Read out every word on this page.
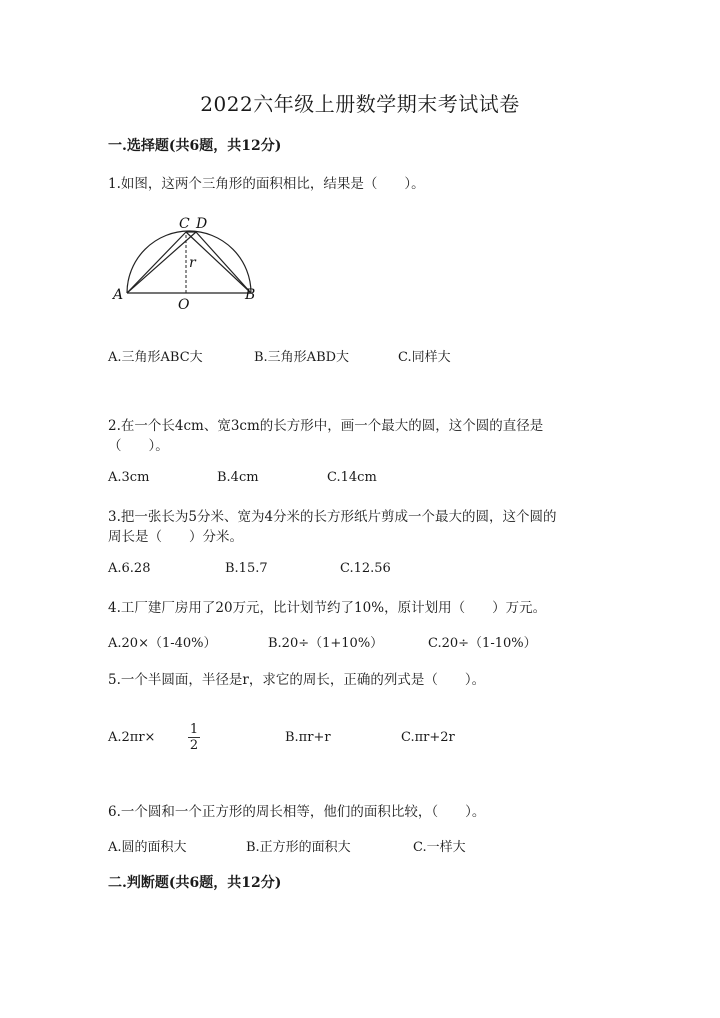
2022六年级上册数学期末考试试卷
一.选择题(共6题，共12分)
1.如图，这两个三角形的面积相比，结果是（　　）。
C D
A	B
O
r
A.三角形ABC大	B.三角形ABD大	C.同样大
2.在一个长4cm、宽3cm的长方形中，画一个最大的圆，这个圆的直径是
（　　）。
A.3cm	B.4cm	C.14cm
3.把一张长为5分米、宽为4分米的长方形纸片剪成一个最大的圆，这个圆的
周长是（　　）分米。
A.6.28	B.15.7	C.12.56
4.工厂建厂房用了20万元，比计划节约了10%，原计划用（　　）万元。
A.20×（1-40%）	B.20÷（1+10%）	C.20÷（1-10%）
5.一个半圆面，半径是r，求它的周长，正确的列式是（　　）。
A.2πr×
1
2
B.πr+r	C.πr+2r
6.一个圆和一个正方形的周长相等，他们的面积比较，（　　）。
A.圆的面积大	B.正方形的面积大	C.一样大
二.判断题(共6题，共12分)
